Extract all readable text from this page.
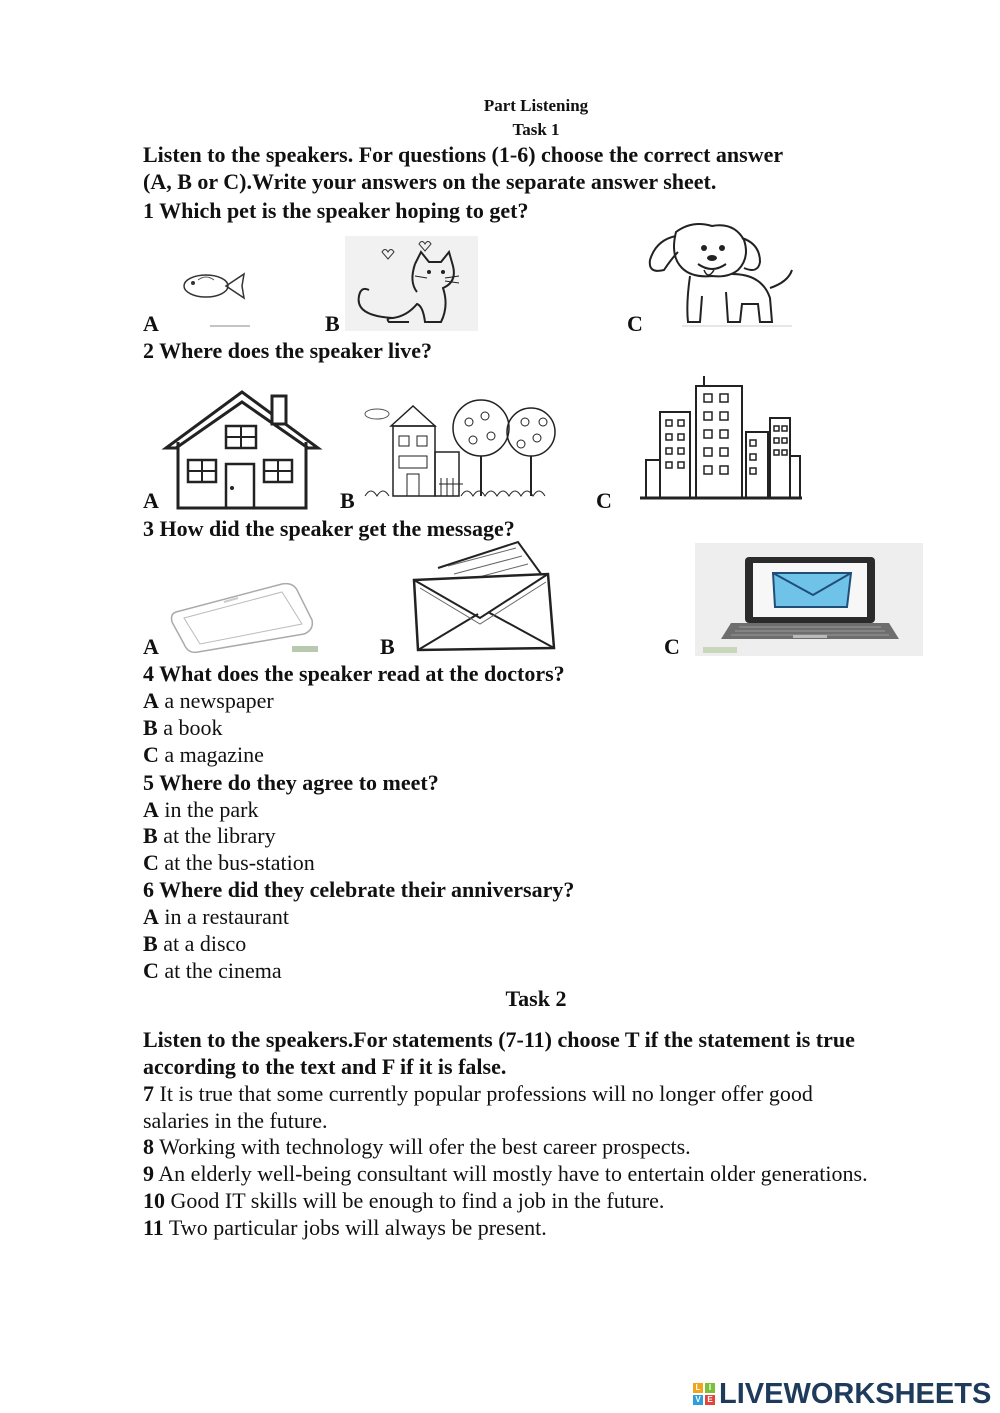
Part Listening
Task 1
Listen to the speakers. For questions (1-6) choose the correct answer
(A, B or C).Write your answers on the separate answer sheet.
1 Which pet is the speaker hoping to get?
A	B	C
2 Where does the speaker live?
A	B	C
3 How did the speaker get the message?
A	B	C
4 What does the speaker read at the doctors?
A a newspaper
B a book
C a magazine
5 Where do they agree to meet?
A in the park
B at the library
C at the bus-station
6 Where did they celebrate their anniversary?
A in a restaurant
B at a disco
C at the cinema
Task 2
Listen to the speakers.For statements (7-11) choose T if the statement is true
according to the text and F if it is false.
7 It is true that some currently popular professions will no longer offer good
salaries in the future.
8 Working with technology will ofer the best career prospects.
9 An elderly well-being consultant will mostly have to entertain older generations.
10 Good IT skills will be enough to find a job in the future.
11 Two particular jobs will always be present.
L	I
V E LIVEWORKSHEETS
